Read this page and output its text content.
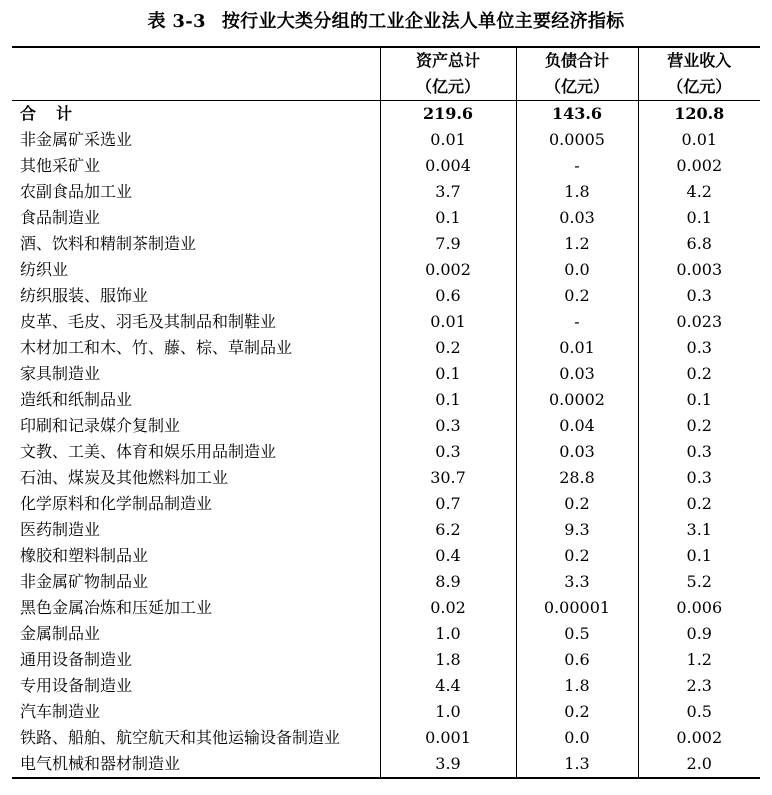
表 3-3 按行业大类分组的工业企业法人单位主要经济指标
	资产总计	负债合计	营业收入
	（亿元）	（亿元）	（亿元）
合 计	219.6	143.6	120.8
非金属矿采选业	0.01	0.0005	0.01
其他采矿业	0.004	-	0.002
农副食品加工业	3.7	1.8	4.2
食品制造业	0.1	0.03	0.1
酒、饮料和精制茶制造业	7.9	1.2	6.8
纺织业	0.002	0.0	0.003
纺织服装、服饰业	0.6	0.2	0.3
皮革、毛皮、羽毛及其制品和制鞋业	0.01	-	0.023
木材加工和木、竹、藤、棕、草制品业	0.2	0.01	0.3
家具制造业	0.1	0.03	0.2
造纸和纸制品业	0.1	0.0002	0.1
印刷和记录媒介复制业	0.3	0.04	0.2
文教、工美、体育和娱乐用品制造业	0.3	0.03	0.3
石油、煤炭及其他燃料加工业	30.7	28.8	0.3
化学原料和化学制品制造业	0.7	0.2	0.2
医药制造业	6.2	9.3	3.1
橡胶和塑料制品业	0.4	0.2	0.1
非金属矿物制品业	8.9	3.3	5.2
黑色金属冶炼和压延加工业	0.02	0.00001	0.006
金属制品业	1.0	0.5	0.9
通用设备制造业	1.8	0.6	1.2
专用设备制造业	4.4	1.8	2.3
汽车制造业	1.0	0.2	0.5
铁路、船舶、航空航天和其他运输设备制造业	0.001	0.0	0.002
电气机械和器材制造业	3.9	1.3	2.0
